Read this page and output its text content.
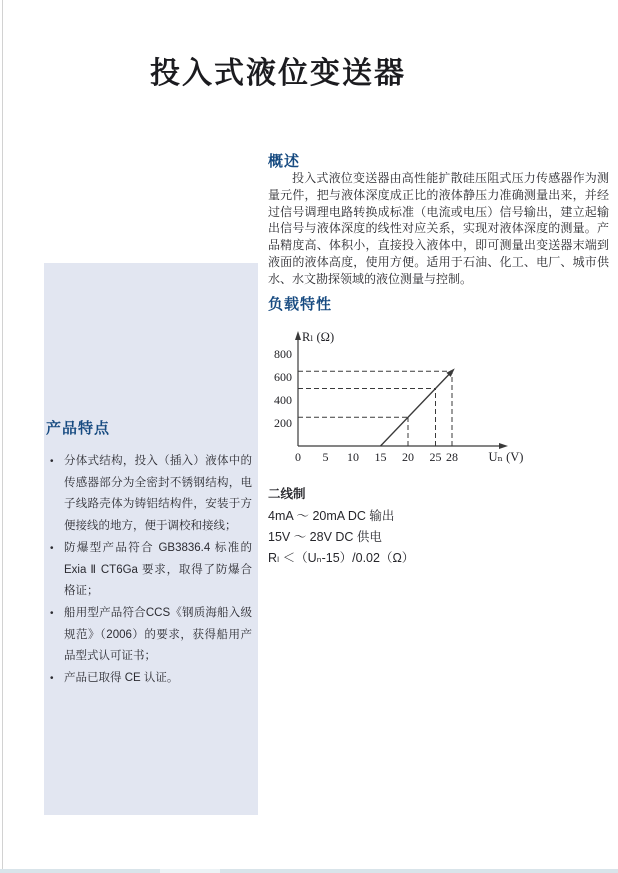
投入式液位变送器
产品特点
• 分体式结构，投入（插入）液体中的传感器部分为全密封不锈钢结构，电子线路壳体为铸铝结构件，安装于方便接线的地方，便于调校和接线；
• 防爆型产品符合 GB3836.4 标准的 Exia Ⅱ CT6Ga 要求，取得了防爆合格证；
• 船用型产品符合CCS《钢质海船入级规范》（2006）的要求，获得船用产品型式认可证书；
• 产品已取得 CE 认证。
概述

投入式液位变送器由高性能扩散硅压阻式压力传感器作为测量元件，把与液体深度成正比的液体静压力准确测量出来，并经过信号调理电路转换成标准（电流或电压）信号输出，建立起输出信号与液体深度的线性对应关系，实现对液体深度的测量。产品精度高、体积小，直接投入液体中，即可测量出变送器末端到液面的液体高度，使用方便。适用于石油、化工、电厂、城市供水、水文勘探领域的液位测量与控制。

负载特性
200
400
600
800
0 5 10 15 20 25 28
Rₗ (Ω)
Uₙ (V)
二线制
4mA ～ 20mA DC 输出
15V ～ 28V DC 供电
Rₗ ＜（Uₙ-15）/0.02（Ω）
